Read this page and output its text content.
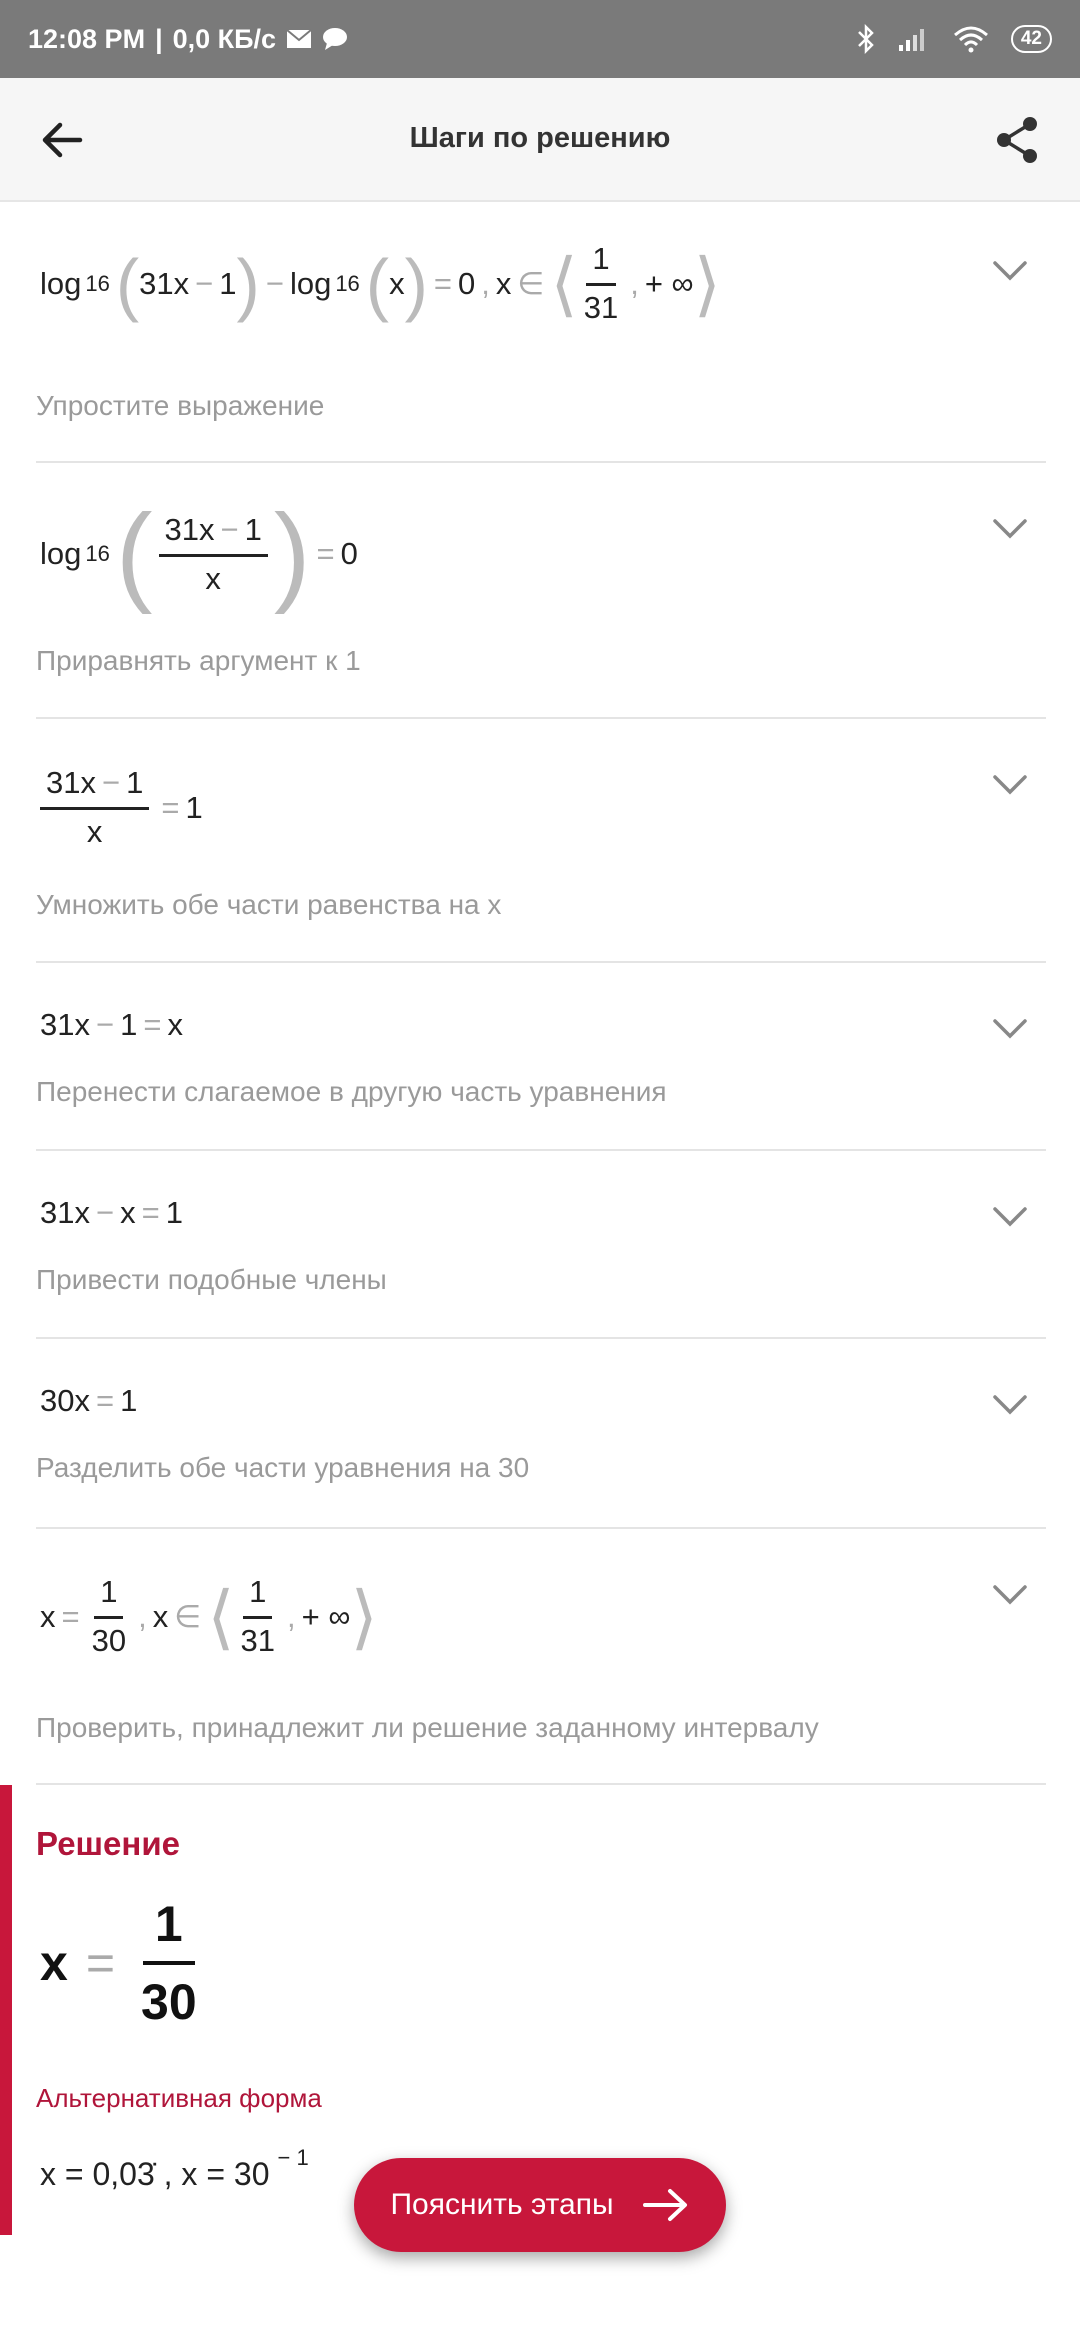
12:08 PM | 0,0 КБ/с	42
Шаги по решению
log 16 ( 31x − 1 ) − log 16 ( x ) = 0 , x ∈ ⟨ $\frac{1}{31}$ , + ∞ ⟩
Упростите выражение
log 16 ( $\frac{31x - 1}{x}$ ) = 0
Приравнять аргумент к 1
$\frac{31x - 1}{x} = 1$
Умножить обе части равенства на x
31x − 1 = x
Перенести слагаемое в другую часть уравнения
31x − x = 1
Привести подобные члены
30x = 1
Разделить обе части уравнения на 30
$x = \frac{1}{30}$ , x ∈ ⟨ $\frac{1}{31}$ , + ∞ ⟩
Проверить, принадлежит ли решение заданному интервалу
Решение
$x = \frac{1}{30}$
Альтернативная форма
x = 0,03̇ , x = 30 $^{- 1}$
Пояснить этапы
